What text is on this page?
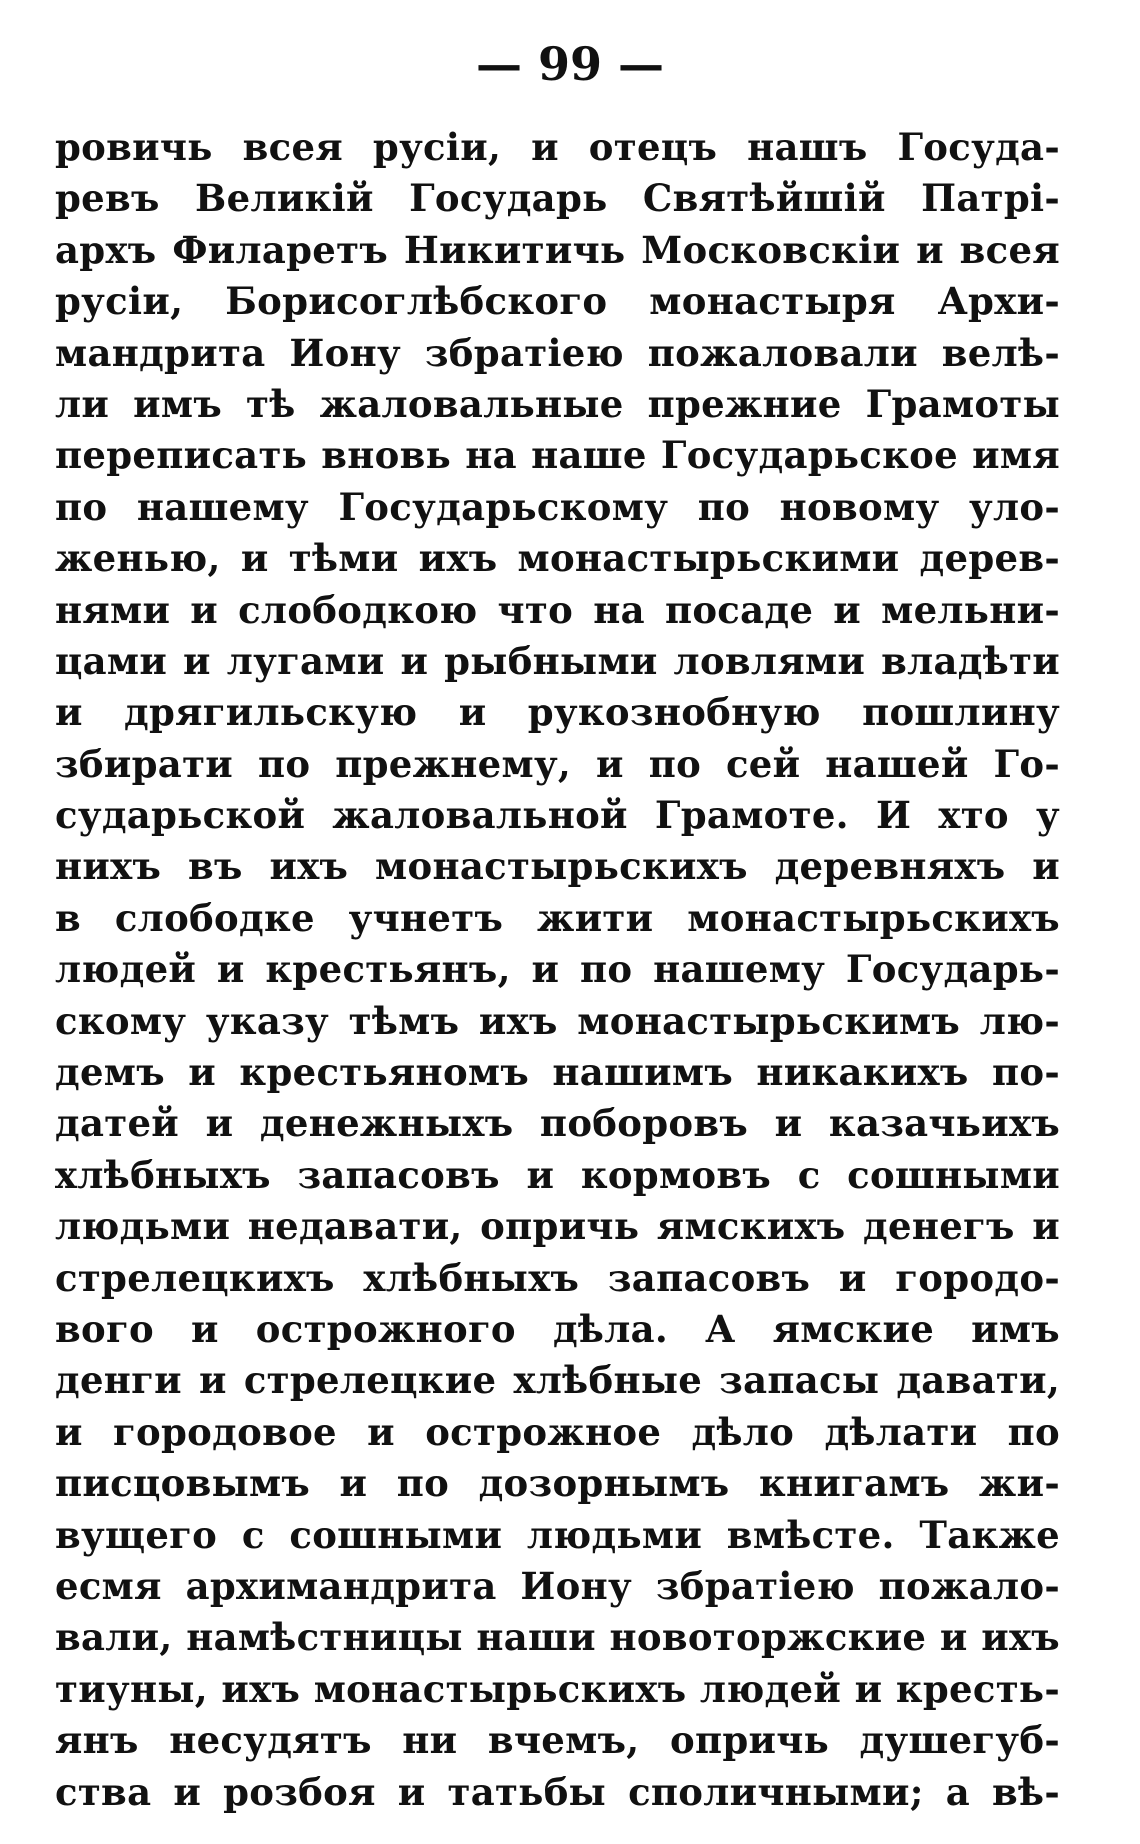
— 99 —
ровичь всея русiи, и отецъ нашъ Госуда-
ревъ Великiй Государь Святѣйшiй Патрi-
архъ Филаретъ Никитичь Московскiи и всея
русiи, Борисоглѣбского монастыря Архи-
мандрита Иону збратiею пожаловали велѣ-
ли имъ тѣ жаловальные прежние Грамоты
переписать вновь на наше Государьское имя
по нашему Государьскому по новому уло-
женью, и тѣми ихъ монастырьскими дерев-
нями и слободкою что на посаде и мельни-
цами и лугами и рыбными ловлями владѣти
и дрягильскую и рукознобную пошлину
збирати по прежнему, и по сей нашей Го-
сударьской жаловальной Грамоте. И хто у
нихъ въ ихъ монастырьскихъ деревняхъ и
в слободке учнетъ жити монастырьскихъ
людей и крестьянъ, и по нашему Государь-
скому указу тѣмъ ихъ монастырьскимъ лю-
демъ и крестьяномъ нашимъ никакихъ по-
датей и денежныхъ поборовъ и казачьихъ
хлѣбныхъ запасовъ и кормовъ с сошными
людьми недавати, опричь ямскихъ денегъ и
стрелецкихъ хлѣбныхъ запасовъ и городо-
вого и острожного дѣла. А ямские имъ
денги и стрелецкие хлѣбные запасы давати,
и городовое и острожное дѣло дѣлати по
писцовымъ и по дозорнымъ книгамъ жи-
вущего с сошными людьми вмѣсте. Также
есмя архимандрита Иону збратiею пожало-
вали, намѣстницы наши новоторжские и ихъ
тиуны, ихъ монастырьскихъ людей и кресть-
янъ несудятъ ни вчемъ, опричь душегуб-
ства и розбоя и татьбы споличными; а вѣ-
